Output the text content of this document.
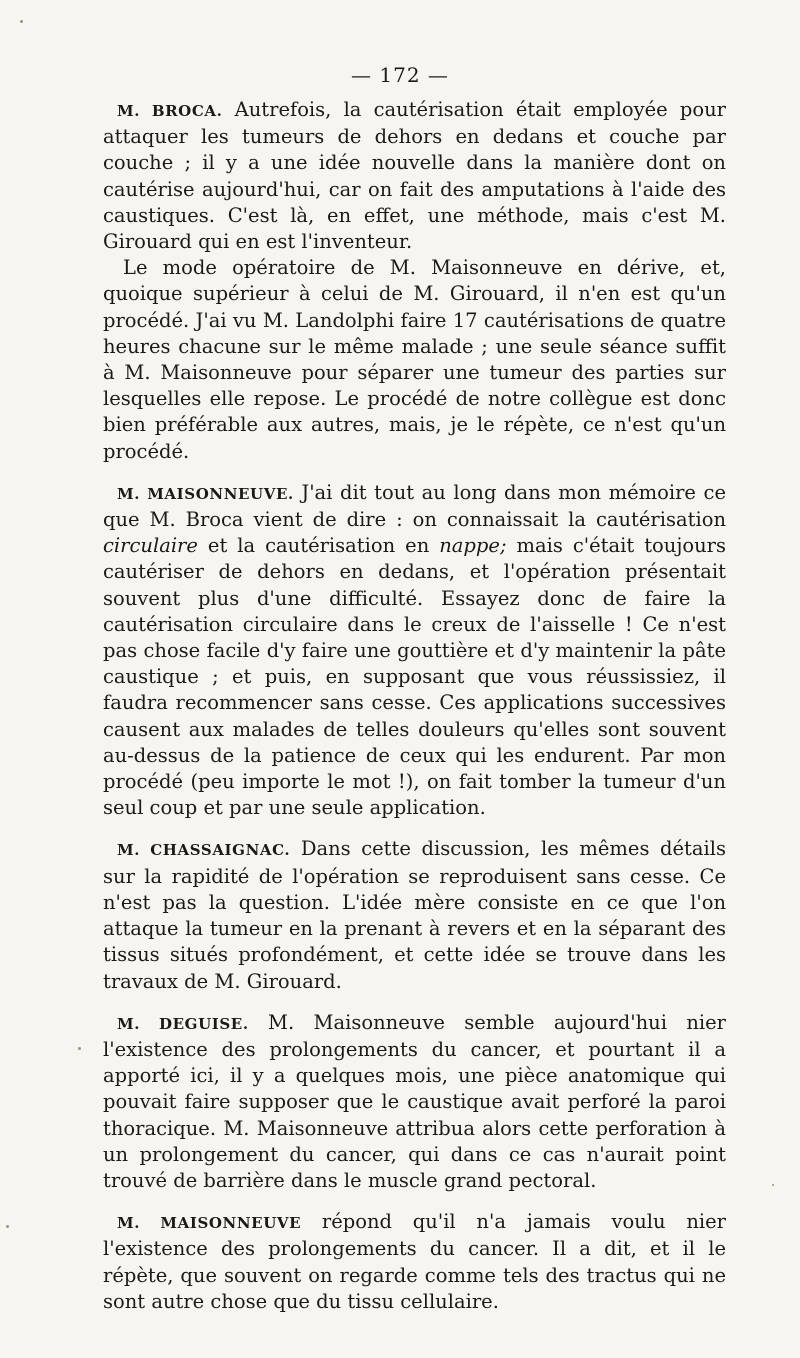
— 172 —

M. BROCA. Autrefois, la cautérisation était employée pour attaquer les tumeurs de dehors en dedans et couche par couche ; il y a une idée nouvelle dans la manière dont on cautérise aujourd'hui, car on fait des amputations à l'aide des caustiques. C'est là, en effet, une méthode, mais c'est M. Girouard qui en est l'inventeur.

Le mode opératoire de M. Maisonneuve en dérive, et, quoique supérieur à celui de M. Girouard, il n'en est qu'un procédé. J'ai vu M. Landolphi faire 17 cautérisations de quatre heures chacune sur le même malade ; une seule séance suffit à M. Maisonneuve pour séparer une tumeur des parties sur lesquelles elle repose. Le procédé de notre collègue est donc bien préférable aux autres, mais, je le répète, ce n'est qu'un procédé.

M. MAISONNEUVE. J'ai dit tout au long dans mon mémoire ce que M. Broca vient de dire : on connaissait la cautérisation circulaire et la cautérisation en nappe; mais c'était toujours cautériser de dehors en dedans, et l'opération présentait souvent plus d'une difficulté. Essayez donc de faire la cautérisation circulaire dans le creux de l'aisselle ! Ce n'est pas chose facile d'y faire une gouttière et d'y maintenir la pâte caustique ; et puis, en supposant que vous réussissiez, il faudra recommencer sans cesse. Ces applications successives causent aux malades de telles douleurs qu'elles sont souvent au-dessus de la patience de ceux qui les endurent. Par mon procédé (peu importe le mot !), on fait tomber la tumeur d'un seul coup et par une seule application.

M. CHASSAIGNAC. Dans cette discussion, les mêmes détails sur la rapidité de l'opération se reproduisent sans cesse. Ce n'est pas la question. L'idée mère consiste en ce que l'on attaque la tumeur en la prenant à revers et en la séparant des tissus situés profondément, et cette idée se trouve dans les travaux de M. Girouard.

M. DEGUISE. M. Maisonneuve semble aujourd'hui nier l'existence des prolongements du cancer, et pourtant il a apporté ici, il y a quelques mois, une pièce anatomique qui pouvait faire supposer que le caustique avait perforé la paroi thoracique. M. Maisonneuve attribua alors cette perforation à un prolongement du cancer, qui dans ce cas n'aurait point trouvé de barrière dans le muscle grand pectoral.

M. MAISONNEUVE répond qu'il n'a jamais voulu nier l'existence des prolongements du cancer. Il a dit, et il le répète, que souvent on regarde comme tels des tractus qui ne sont autre chose que du tissu cellulaire.
